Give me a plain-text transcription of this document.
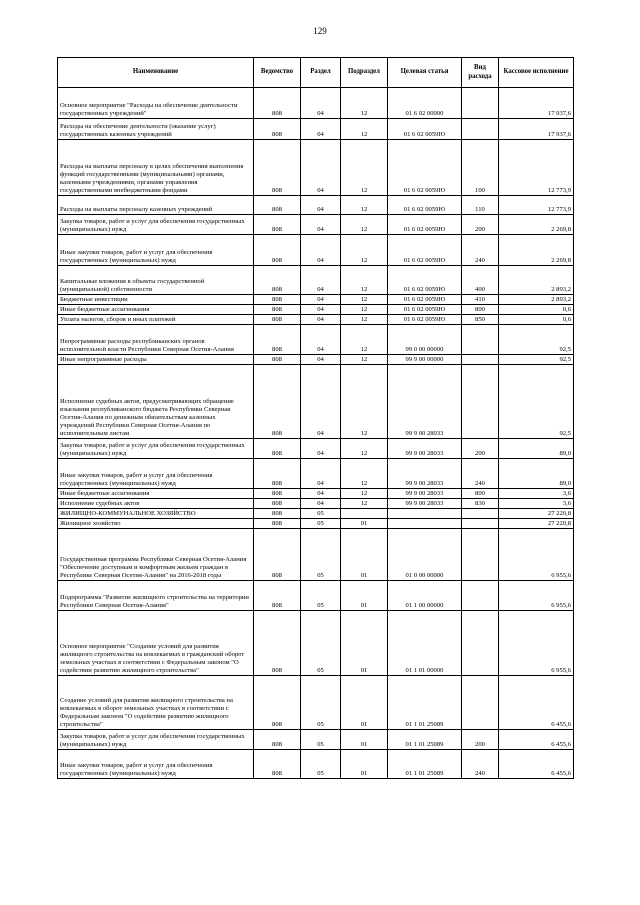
129
Наименование	Ведомство	Раздел	Подраздел	Целевая статья	Вид расхода	Кассовое исполнение
Основное мероприятие "Расходы на обеспечение деятельности государственных учреждений"	808	04	12	01 6 02 00000		17 937,6
Расходы на обеспечение деятельности (оказание услуг) государственных казенных учреждений	808	04	12	01 6 02 0059Ю		17 937,6
Расходы на выплаты персоналу в целях обеспечения выполнения функций государственными (муниципальными) органами, казенными учреждениями, органами управления государственными внебюджетными фондами	808	04	12	01 6 02 0059Ю	100	12 773,9
Расходы на выплаты персоналу казенных учреждений	808	04	12	01 6 02 0059Ю	110	12 773,9
Закупка товаров, работ и услуг для обеспечения государственных (муниципальных) нужд	808	04	12	01 6 02 0059Ю	200	2 269,8
Иные закупки товаров, работ и услуг для обеспечения государственных (муниципальных) нужд	808	04	12	01 6 02 0059Ю	240	2 269,8
Капитальные вложения в объекты государственной (муниципальной) собственности	808	04	12	01 6 02 0059Ю	400	2 893,2
Бюджетные инвестиции	808	04	12	01 6 02 0059Ю	410	2 893,2
Иные бюджетные ассигнования	808	04	12	01 6 02 0059Ю	800	0,6
Уплата налогов, сборов и иных платежей	808	04	12	01 6 02 0059Ю	850	0,6
Непрограммные расходы республиканских органов исполнительной власти Республики Северная Осетия-Алания	808	04	12	99 0 00 00000		92,5
Иные непрограммные расходы	808	04	12	99 9 00 00000		92,5
Исполнение судебных актов, предусматривающих обращение взыскания республиканского бюджета Республики Северная Осетия-Алания по денежным обязательствам казенных учреждений Республики Северная Осетия-Алания по исполнительным листам	808	04	12	99 9 00 28033		92,5
Закупка товаров, работ и услуг для обеспечения государственных (муниципальных) нужд	808	04	12	99 9 00 28033	200	89,0
Иные закупки товаров, работ и услуг для обеспечения государственных (муниципальных) нужд	808	04	12	99 9 00 28033	240	89,0
Иные бюджетные ассигнования	808	04	12	99 9 00 28033	800	3,6
Исполнение судебных актов	808	04	12	99 9 00 28033	830	3,6
ЖИЛИЩНО-КОММУНАЛЬНОЕ ХОЗЯЙСТВО	808	05				27 220,8
Жилищное хозяйство	808	05	01			27 220,8
Государственная программа Республики Северная Осетия-Алания "Обеспечение доступным и комфортным жильем граждан в Республике Северная Осетия-Алания" на 2016-2018 годы	808	05	01	01 0 00 00000		6 955,6
Подпрограмма "Развитие жилищного строительства на территории Республики Северная Осетия-Алания"	808	05	01	01 1 00 00000		6 955,6
Основное мероприятие "Создание условий для развития жилищного строительства на вовлекаемых в гражданский оборот земельных участках в соответствии с Федеральным законом "О содействии развитию жилищного строительства"	808	05	01	01 1 01 00000		6 955,6
Создание условий для развития жилищного строительства на вовлекаемых в оборот земельных участках в соответствии с Федеральным законом "О содействии развитию жилищного строительства"	808	05	01	01 1 01 25089		6 455,6
Закупка товаров, работ и услуг для обеспечения государственных (муниципальных) нужд	808	05	01	01 1 01 25089	200	6 455,6
Иные закупки товаров, работ и услуг для обеспечения государственных (муниципальных) нужд	808	05	01	01 1 01 25089	240	6 455,6
